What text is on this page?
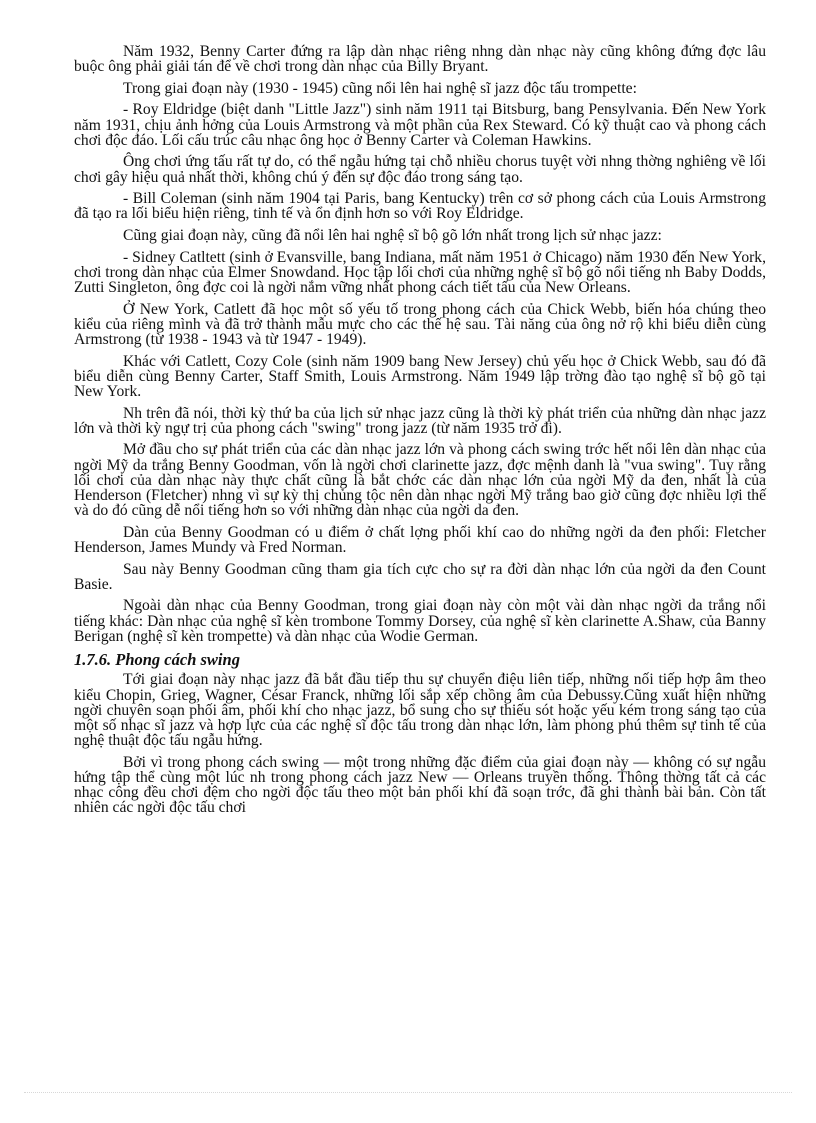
Năm 1932, Benny Carter đứng ra lập dàn nhạc riêng nhng dàn nhạc này cũng không đứng đợc lâu buộc ông phải giải tán để về chơi trong dàn nhạc của Billy Bryant.

Trong giai đoạn này (1930 - 1945) cũng nổi lên hai nghệ sĩ jazz độc tấu trompette:

- Roy Eldridge (biệt danh "Little Jazz") sinh năm 1911 tại Bitsburg, bang Pensylvania. Đến New York năm 1931, chịu ảnh hởng của Louis Armstrong và một phần của Rex Steward. Có kỹ thuật cao và phong cách chơi độc đáo. Lối cấu trúc câu nhạc ông học ở Benny Carter và Coleman Hawkins.

Ông chơi ứng tấu rất tự do, có thể ngẫu hứng tại chỗ nhiều chorus tuyệt vời nhng thờng nghiêng về lối chơi gây hiệu quả nhất thời, không chú ý đến sự độc đáo trong sáng tạo.

- Bill Coleman (sinh năm 1904 tại Paris, bang Kentucky) trên cơ sở phong cách của Louis Armstrong đã tạo ra lối biểu hiện riêng, tinh tế và ổn định hơn so với Roy Eldridge.

Cũng giai đoạn này, cũng đã nổi lên hai nghệ sĩ bộ gõ lớn nhất trong lịch sử nhạc jazz:

- Sidney Catltett (sinh ở Evansville, bang Indiana, mất năm 1951 ở Chicago) năm 1930 đến New York, chơi trong dàn nhạc của Elmer Snowdand. Học tập lối chơi của những nghệ sĩ bộ gõ nổi tiếng nh Baby Dodds, Zutti Singleton, ông đợc coi là ngời nắm vững nhất phong cách tiết tấu của New Orleans.

Ở New York, Catlett đã học một số yếu tố trong phong cách của Chick Webb, biến hóa chúng theo kiểu của riêng mình và đã trở thành mẫu mực cho các thế hệ sau. Tài năng của ông nở rộ khi biểu diễn cùng Armstrong (từ 1938 - 1943 và từ 1947 - 1949).

Khác với Catlett, Cozy Cole (sinh năm 1909 bang New Jersey) chủ yếu học ở Chick Webb, sau đó đã biểu diễn cùng Benny Carter, Staff Smith, Louis Armstrong. Năm 1949 lập trờng đào tạo nghệ sĩ bộ gõ tại New York.

Nh trên đã nói, thời kỳ thứ ba của lịch sử nhạc jazz cũng là thời kỳ phát triển của những dàn nhạc jazz lớn và thời kỳ ngự trị của phong cách "swing" trong jazz (từ năm 1935 trở đi).

Mở đầu cho sự phát triển của các dàn nhạc jazz lớn và phong cách swing trớc hết nổi lên dàn nhạc của ngời Mỹ da trắng Benny Goodman, vốn là ngời chơi clarinette jazz, đợc mệnh danh là "vua swing". Tuy rằng lối chơi của dàn nhạc này thực chất cũng là bắt chớc các dàn nhạc lớn của ngời Mỹ da đen, nhất là của Henderson (Fletcher) nhng vì sự kỳ thị chủng tộc nên dàn nhạc ngời Mỹ trắng bao giờ cũng đợc nhiều lợi thế và do đó cũng dễ nổi tiếng hơn so với những dàn nhạc của ngời da đen.

Dàn của Benny Goodman có u điểm ở chất lợng phối khí cao do những ngời da đen phối: Fletcher Henderson, James Mundy và Fred Norman.

Sau này Benny Goodman cũng tham gia tích cực cho sự ra đời dàn nhạc lớn của ngời da đen Count Basie.

Ngoài dàn nhạc của Benny Goodman, trong giai đoạn này còn một vài dàn nhạc ngời da trắng nổi tiếng khác: Dàn nhạc của nghệ sĩ kèn trombone Tommy Dorsey, của nghệ sĩ kèn clarinette A.Shaw, của Banny Berigan (nghệ sĩ kèn trompette) và dàn nhạc của Wodie German.

1.7.6. Phong cách swing

Tới giai đoạn này nhạc jazz đã bắt đầu tiếp thu sự chuyển điệu liên tiếp, những nối tiếp hợp âm theo kiểu Chopin, Grieg, Wagner, César Franck, những lối sắp xếp chồng âm của Debussy.Cũng xuất hiện những ngời chuyên soạn phối âm, phối khí cho nhạc jazz, bổ sung cho sự thiếu sót hoặc yếu kém trong sáng tạo của một số nhạc sĩ jazz và hợp lực của các nghệ sĩ độc tấu trong dàn nhạc lớn, làm phong phú thêm sự tinh tế của nghệ thuật độc tấu ngẫu hứng.

Bởi vì trong phong cách swing — một trong những đặc điểm của giai đoạn này — không có sự ngẫu hứng tập thể cùng một lúc nh trong phong cách jazz New — Orleans truyền thống. Thông thờng tất cả các nhạc công đều chơi đệm cho ngời độc tấu theo một bản phối khí đã soạn trớc, đã ghi thành bài bản. Còn tất nhiên các ngời độc tấu chơi
